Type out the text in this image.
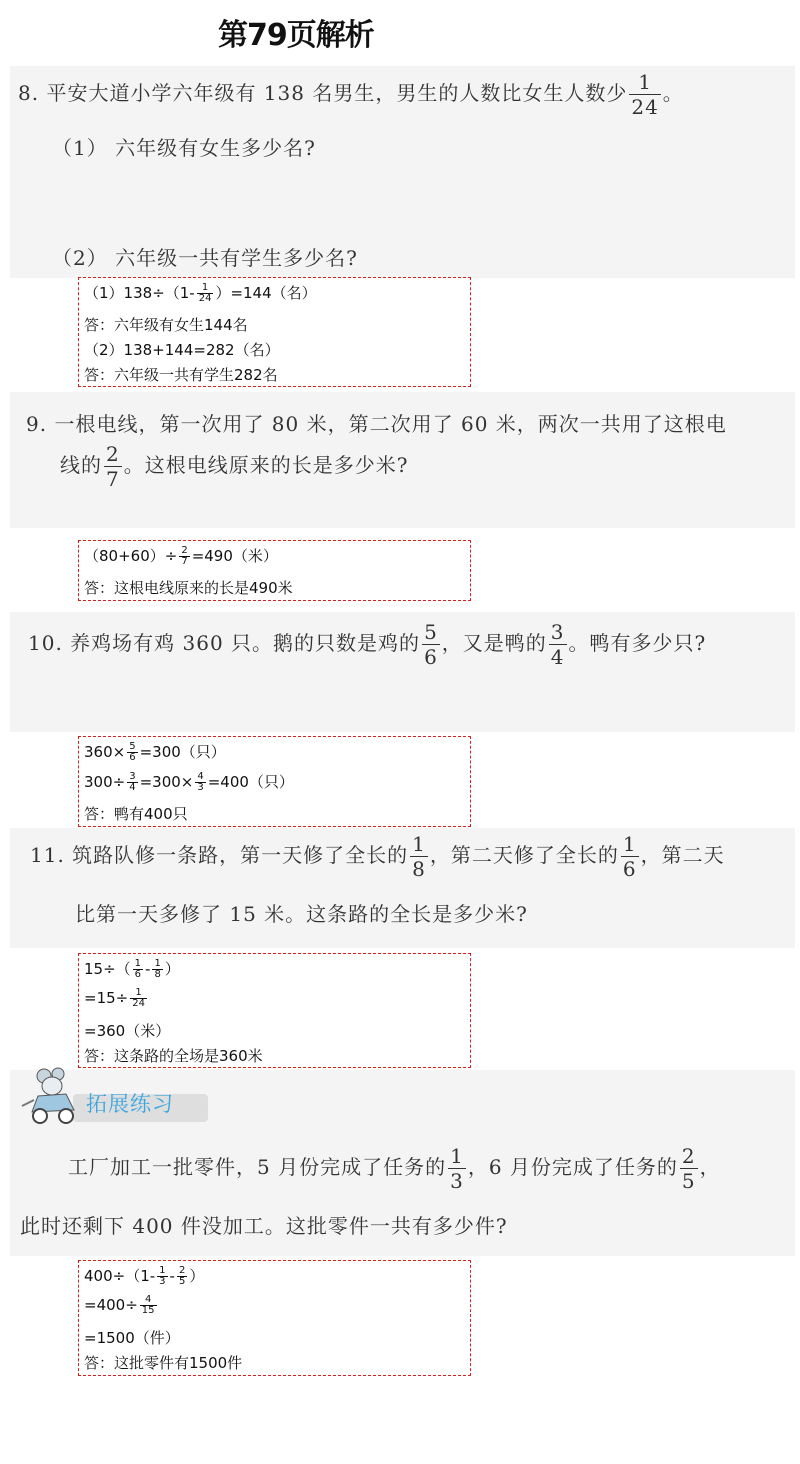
第79页解析
8. 平安大道小学六年级有 138 名男生，男生的人数比女生人数少 $\frac{1}{24}$ 。
（1） 六年级有女生多少名?
（2） 六年级一共有学生多少名?
$(1)138\div(1- \frac{1}{24} )=144$（名）
答：六年级有女生144名
（2）138+144=282（名）
答：六年级一共有学生282名
9. 一根电线，第一次用了 80 米，第二次用了 60 米，两次一共用了这根电
线的 $\frac{2}{7}$ 。这根电线原来的长是多少米?
$(80+60)\div \frac{2}{7} =490$（米）
答：这根电线原来的长是490米
10. 养鸡场有鸡 360 只。鹅的只数是鸡的 $\frac{5}{6}$ ，又是鸭的 $\frac{3}{4}$ 。鸭有多少只?
$360\times \frac{5}{6} =300$（只）
$300\div \frac{3}{4} =300\times \frac{4}{3} =400$（只）
答：鸭有400只
11. 筑路队修一条路，第一天修了全长的 $\frac{1}{8}$ ，第二天修了全长的 $\frac{1}{6}$ ，第二天
比第一天多修了 15 米。这条路的全长是多少米?
$15\div( \frac{1}{6} - \frac{1}{8}$ ）
$=15\div \frac{1}{24}$
=360（米）
答：这条路的全场是360米
拓展练习
工厂加工一批零件，5 月份完成了任务的 $\frac{1}{3}$ ，6 月份完成了任务的 $\frac{2}{5}$ ，
此时还剩下 400 件没加工。这批零件一共有多少件?
$400\div(1- \frac{1}{3} - \frac{2}{5}$ ）
$=400\div \frac{4}{15}$
=1500（件）
答：这批零件有1500件
